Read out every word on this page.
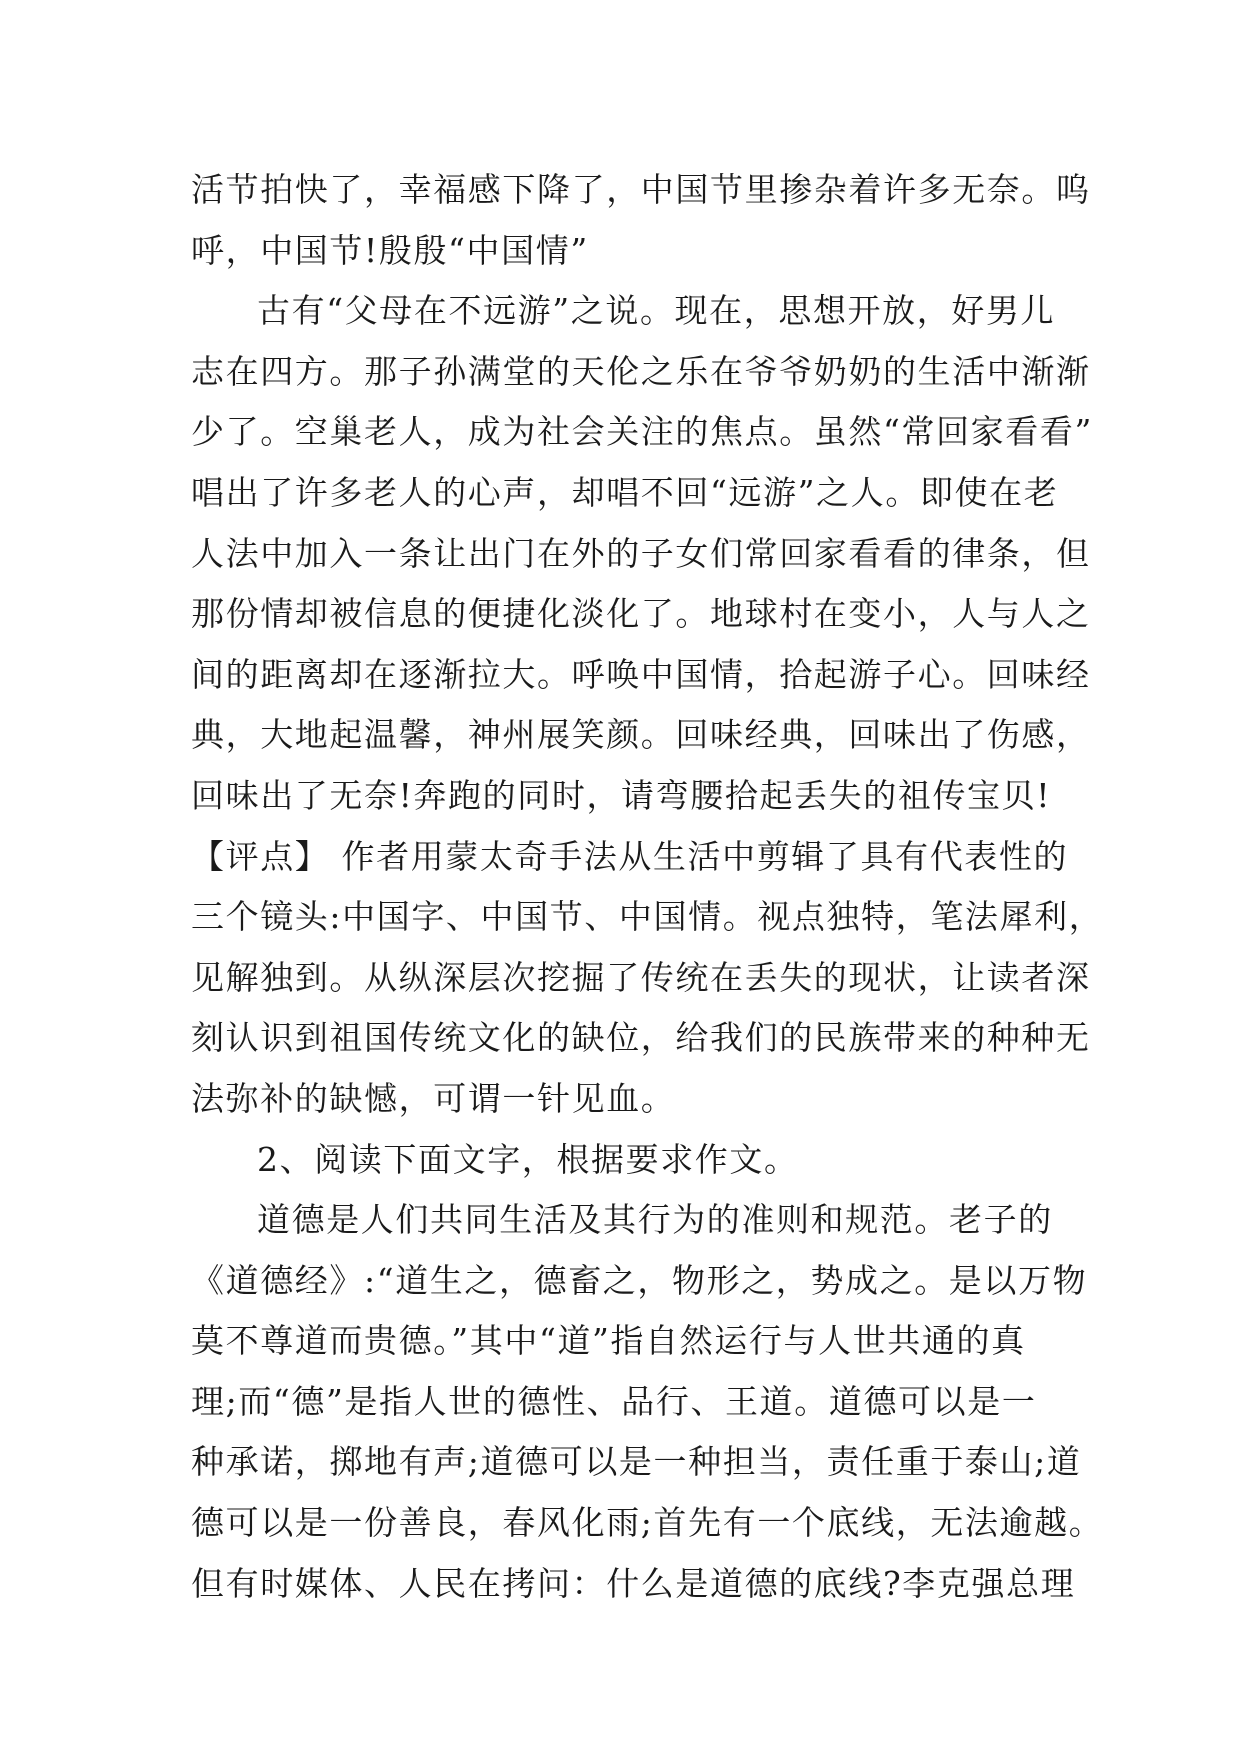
活节拍快了，幸福感下降了，中国节里掺杂着许多无奈。呜
呼，中国节!殷殷“中国情”
古有“父母在不远游”之说。现在，思想开放，好男儿
志在四方。那子孙满堂的天伦之乐在爷爷奶奶的生活中渐渐
少了。空巢老人，成为社会关注的焦点。虽然“常回家看看”
唱出了许多老人的心声，却唱不回“远游”之人。即使在老
人法中加入一条让出门在外的子女们常回家看看的律条，但
那份情却被信息的便捷化淡化了。地球村在变小，人与人之
间的距离却在逐渐拉大。呼唤中国情，拾起游子心。回味经
典，大地起温馨，神州展笑颜。回味经典，回味出了伤感，
回味出了无奈!奔跑的同时，请弯腰拾起丢失的祖传宝贝!
【评点】 作者用蒙太奇手法从生活中剪辑了具有代表性的
三个镜头:中国字、中国节、中国情。视点独特，笔法犀利，
见解独到。从纵深层次挖掘了传统在丢失的现状，让读者深
刻认识到祖国传统文化的缺位，给我们的民族带来的种种无
法弥补的缺憾，可谓一针见血。
2、阅读下面文字，根据要求作文。
道德是人们共同生活及其行为的准则和规范。老子的
《道德经》:“道生之，德畜之，物形之，势成之。是以万物
莫不尊道而贵德。”其中“道”指自然运行与人世共通的真
理;而“德”是指人世的德性、品行、王道。道德可以是一
种承诺，掷地有声;道德可以是一种担当，责任重于泰山;道
德可以是一份善良，春风化雨;首先有一个底线，无法逾越。
但有时媒体、人民在拷问：什么是道德的底线?李克强总理
